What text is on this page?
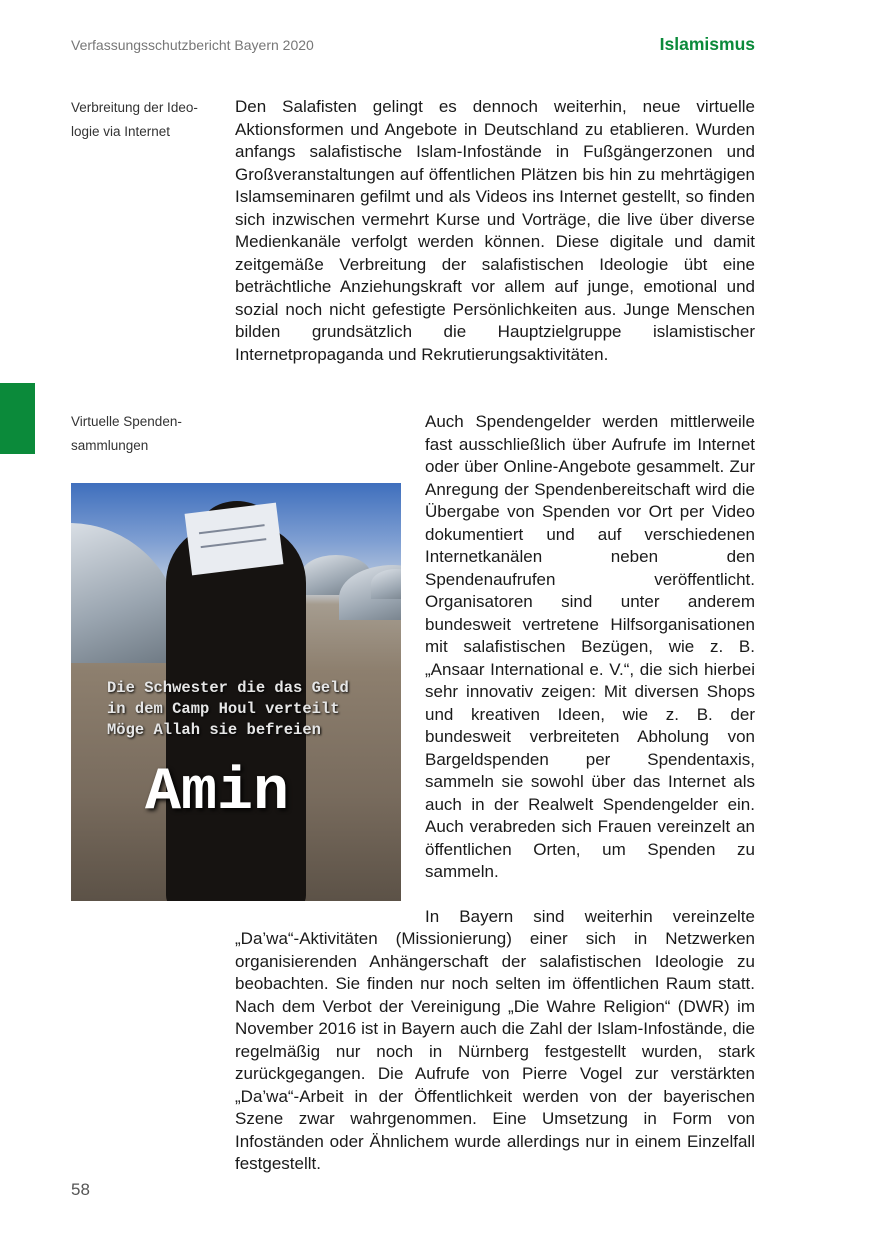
Verfassungsschutzbericht Bayern 2020	Islamismus
Verbreitung der Ideo-
logie via Internet

Den Salafisten gelingt es dennoch weiterhin, neue virtuelle Aktionsformen und Angebote in Deutschland zu etablieren. Wurden anfangs salafistische Islam-Infostände in Fußgängerzonen und Großveranstaltungen auf öffentlichen Plätzen bis hin zu mehrtägigen Islamseminaren gefilmt und als Videos ins Internet gestellt, so finden sich inzwischen vermehrt Kurse und Vorträge, die live über diverse Medienkanäle verfolgt werden können. Diese digitale und damit zeitgemäße Verbreitung der salafistischen Ideologie übt eine beträchtliche Anziehungskraft vor allem auf junge, emotional und sozial noch nicht gefestigte Persönlichkeiten aus. Junge Menschen bilden grundsätzlich die Hauptzielgruppe islamistischer Internetpropaganda und Rekrutierungsaktivitäten.

Virtuelle Spenden-
sammlungen
Die Schwester die das Geld
in dem Camp Houl verteilt
Möge Allah sie befreien
Amin

Auch Spendengelder werden mittlerweile fast ausschließlich über Aufrufe im Internet oder über Online-Angebote gesammelt. Zur Anregung der Spendenbereitschaft wird die Übergabe von Spenden vor Ort per Video dokumentiert und auf verschiedenen Internetkanälen neben den Spendenaufrufen veröffentlicht. Organisatoren sind unter anderem bundesweit vertretene Hilfsorganisationen mit salafistischen Bezügen, wie z. B. „Ansaar International e. V.“, die sich hierbei sehr innovativ zeigen: Mit diversen Shops und kreativen Ideen, wie z. B. der bundesweit verbreiteten Abholung von Bargeldspenden per Spendentaxis, sammeln sie sowohl über das Internet als auch in der Realwelt Spendengelder ein. Auch verabreden sich Frauen vereinzelt an öffentlichen Orten, um Spenden zu sammeln.

In Bayern sind weiterhin vereinzelte „Da’wa“-Aktivitäten (Missionierung) einer sich in Netzwerken organisierenden Anhängerschaft der salafistischen Ideologie zu beobachten. Sie finden nur noch selten im öffentlichen Raum statt. Nach dem Verbot der Vereinigung „Die Wahre Religion“ (DWR) im November 2016 ist in Bayern auch die Zahl der Islam-Infostände, die regelmäßig nur noch in Nürnberg festgestellt wurden, stark zurückgegangen. Die Aufrufe von Pierre Vogel zur verstärkten „Da’wa“-Arbeit in der Öffentlichkeit werden von der bayerischen Szene zwar wahrgenommen. Eine Umsetzung in Form von Infoständen oder Ähnlichem wurde allerdings nur in einem Einzelfall festgestellt.

58
